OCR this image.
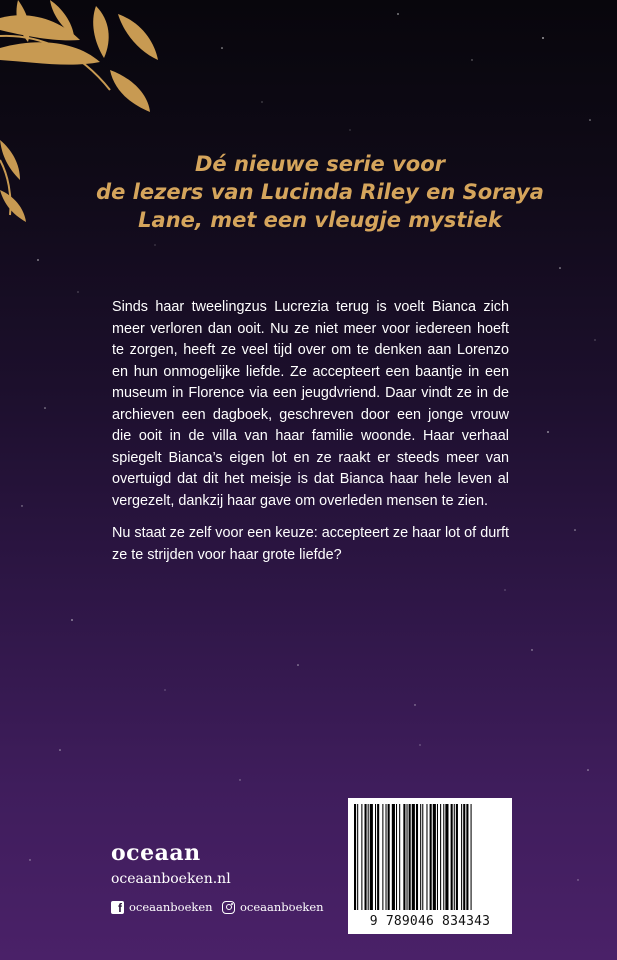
Dé nieuwe serie voor
de lezers van Lucinda Riley en Soraya
Lane, met een vleugje mystiek

Sinds haar tweelingzus Lucrezia terug is voelt Bianca zich meer verloren dan ooit. Nu ze niet meer voor iedereen hoeft te zorgen, heeft ze veel tijd over om te denken aan Lorenzo en hun onmogelijke liefde. Ze accepteert een baantje in een museum in Florence via een jeugdvriend. Daar vindt ze in de archieven een dagboek, geschreven door een jonge vrouw die ooit in de villa van haar familie woonde. Haar verhaal spiegelt Bianca’s eigen lot en ze raakt er steeds meer van overtuigd dat dit het meisje is dat Bianca haar hele leven al vergezelt, dankzij haar gave om overleden mensen te zien.

Nu staat ze zelf voor een keuze: accepteert ze haar lot of durft ze te strijden voor haar grote liefde?

oceaan
oceaanboeken.nl
f
oceaanboeken oceaanboeken
9 789046 834343
